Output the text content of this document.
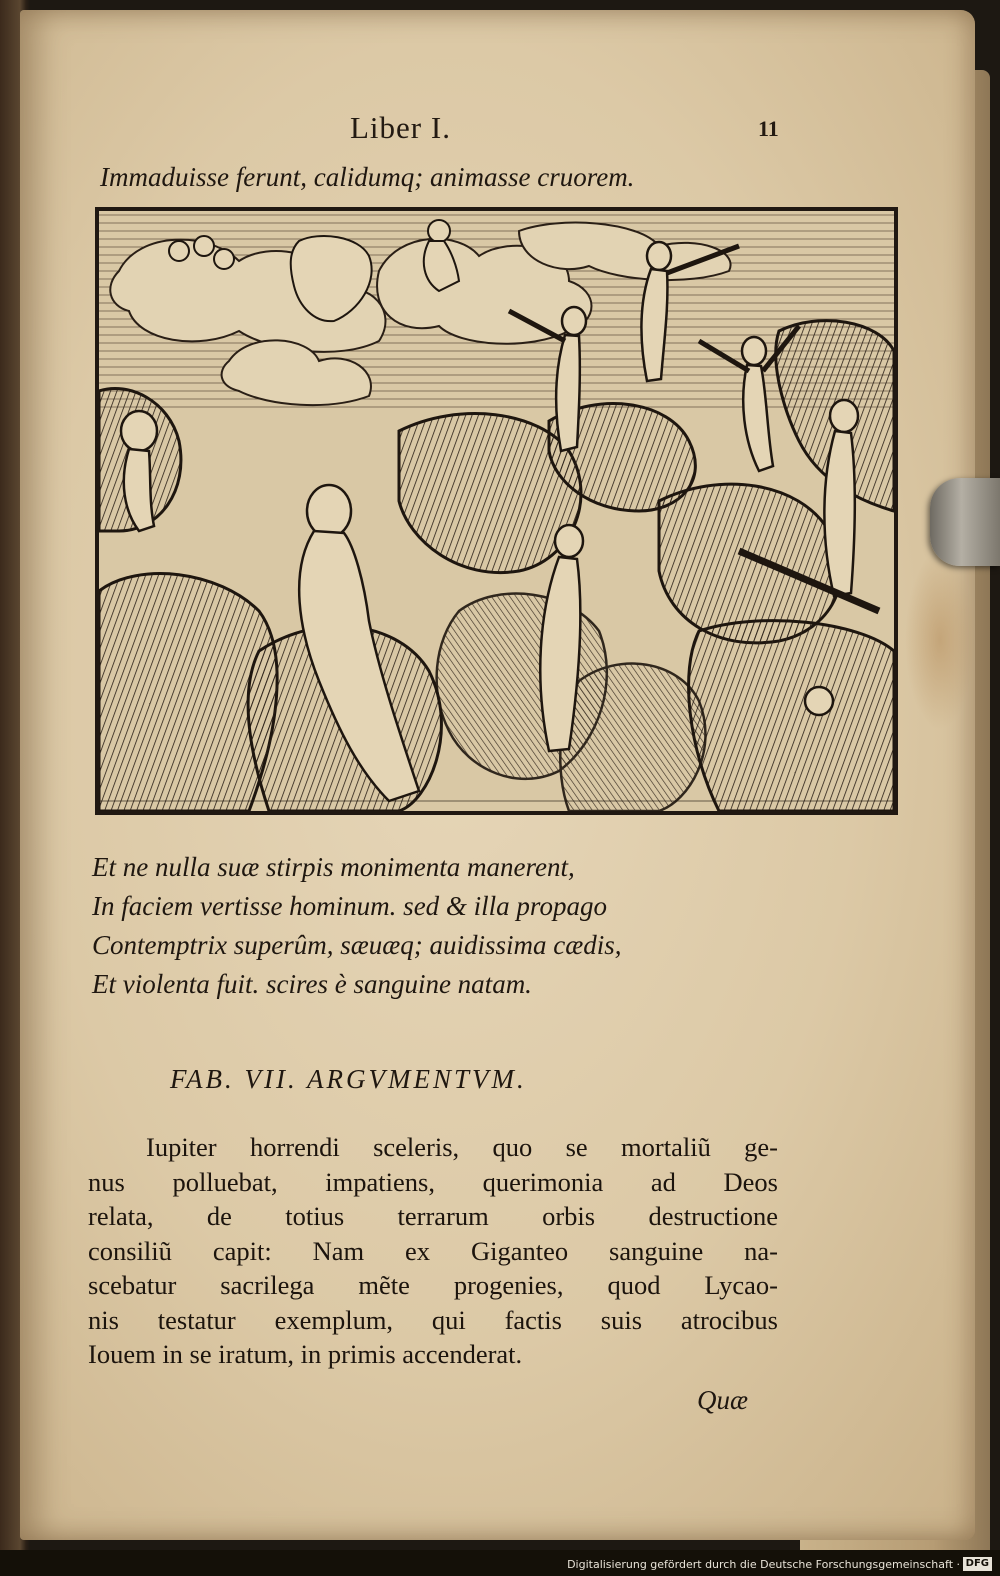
Liber I.	11
Immaduisse ferunt, calidumq; animasse cruorem.
Et ne nulla suæ stirpis monimenta manerent,
In faciem vertisse hominum. sed & illa propago
Contemptrix superûm, sæuæq; auidissima cædis,
Et violenta fuit. scires è sanguine natam.
FAB. VII. ARGVMENTVM.
Iupiter horrendi sceleris, quo se mortaliũ ge-
nus polluebat, impatiens, querimonia ad Deos
relata, de totius terrarum orbis destructione
consiliũ capit: Nam ex Giganteo sanguine na-
scebatur sacrilega mẽte progenies, quod Lycao-
nis testatur exemplum, qui factis suis atrocibus
Iouem in se iratum, in primis accenderat.
Quæ
Digitalisierung gefördert durch die Deutsche Forschungsgemeinschaft · DFG
